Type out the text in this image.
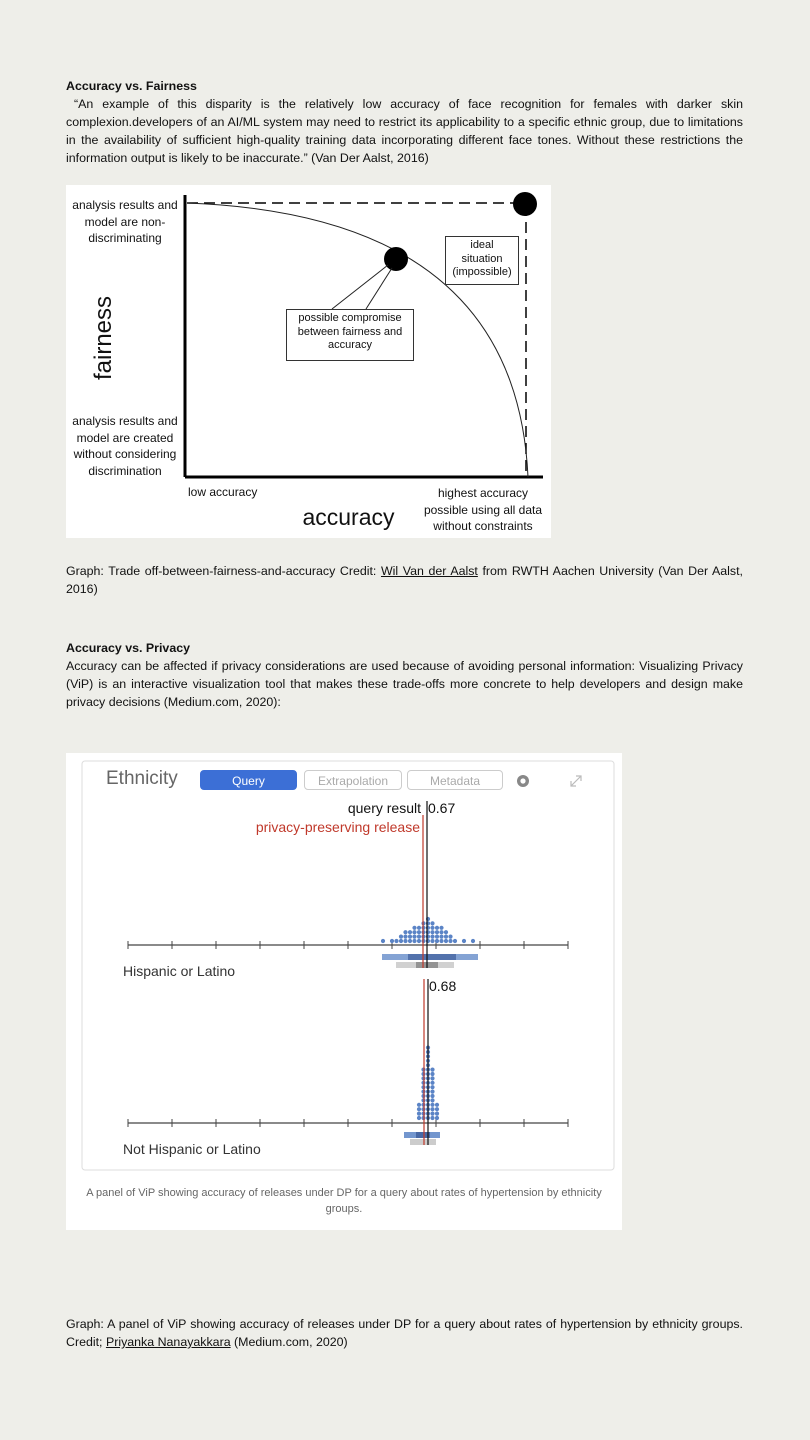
Accuracy vs. Fairness
“An example of this disparity is the relatively low accuracy of face recognition for females with darker skin complexion.developers of an AI/ML system may need to restrict its applicability to a specific ethnic group, due to limitations in the availability of sufficient high-quality training data incorporating different face tones. Without these restrictions the information output is likely to be inaccurate.” (Van Der Aalst, 2016)
analysis results and model are non-discriminating
fairness
analysis results and model are created without considering discrimination
low accuracy
accuracy
highest accuracy possible using all data without constraints
ideal situation (impossible)
possible compromise between fairness and accuracy
Graph: Trade off-between-fairness-and-accuracy Credit: Wil Van der Aalst from RWTH Aachen University (Van Der Aalst, 2016)
Accuracy vs. Privacy
Accuracy can be affected if privacy considerations are used because of avoiding personal information: Visualizing Privacy (ViP) is an interactive visualization tool that makes these trade-offs more concrete to help developers and design make privacy decisions (Medium.com, 2020):
Ethnicity	Query	Extrapolation	Metadata
query result 0.67
privacy-preserving release
Hispanic or Latino
0.68
Not Hispanic or Latino
A panel of ViP showing accuracy of releases under DP for a query about rates of hypertension by ethnicity groups.
Graph: A panel of ViP showing accuracy of releases under DP for a query about rates of hypertension by ethnicity groups. Credit; Priyanka Nanayakkara (Medium.com, 2020)
